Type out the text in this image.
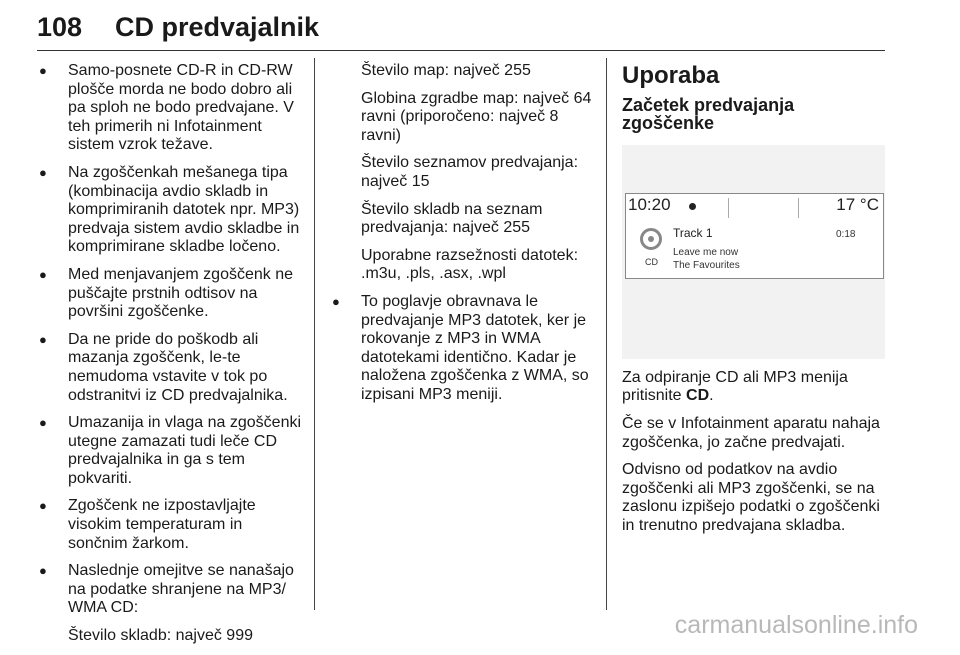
108 CD predvajalnik
● Samo-posnete CD-R in CD-RW plošče morda ne bodo dobro ali pa sploh ne bodo predvajane. V teh primerih ni Infotainment sistem vzrok težave.
● Na zgoščenkah mešanega tipa (kombinacija avdio skladb in komprimiranih datotek npr. MP3) predvaja sistem avdio skladbe in komprimirane skladbe ločeno.
● Med menjavanjem zgoščenk ne puščajte prstnih odtisov na površini zgoščenke.
● Da ne pride do poškodb ali mazanja zgoščenk, le-te nemudoma vstavite v tok po odstranitvi iz CD predvajalnika.
● Umazanija in vlaga na zgoščenki utegne zamazati tudi leče CD predvajalnika in ga s tem pokvariti.
● Zgoščenk ne izpostavljajte visokim temperaturam in sončnim žarkom.
● Naslednje omejitve se nanašajo na podatke shranjene na MP3/ WMA CD:
Število skladb: največ 999
Število map: največ 255
Globina zgradbe map: največ 64 ravni (priporočeno: največ 8 ravni)
Število seznamov predvajanja: največ 15
Število skladb na seznam predvajanja: največ 255
Uporabne razsežnosti datotek: .m3u, .pls, .asx, .wpl
● To poglavje obravnava le predvajanje MP3 datotek, ker je rokovanje z MP3 in WMA datotekami identično. Kadar je naložena zgoščenka z WMA, so izpisani MP3 meniji.
Uporaba
Začetek predvajanja zgoščenke
10:20	17 °C
CD
Track 1
Leave me now
The Favourites
0:18
Za odpiranje CD ali MP3 menija pritisnite CD.
Če se v Infotainment aparatu nahaja zgoščenka, jo začne predvajati.
Odvisno od podatkov na avdio zgoščenki ali MP3 zgoščenki, se na zaslonu izpišejo podatki o zgoščenki in trenutno predvajana skladba.
carmanualsonline.info
